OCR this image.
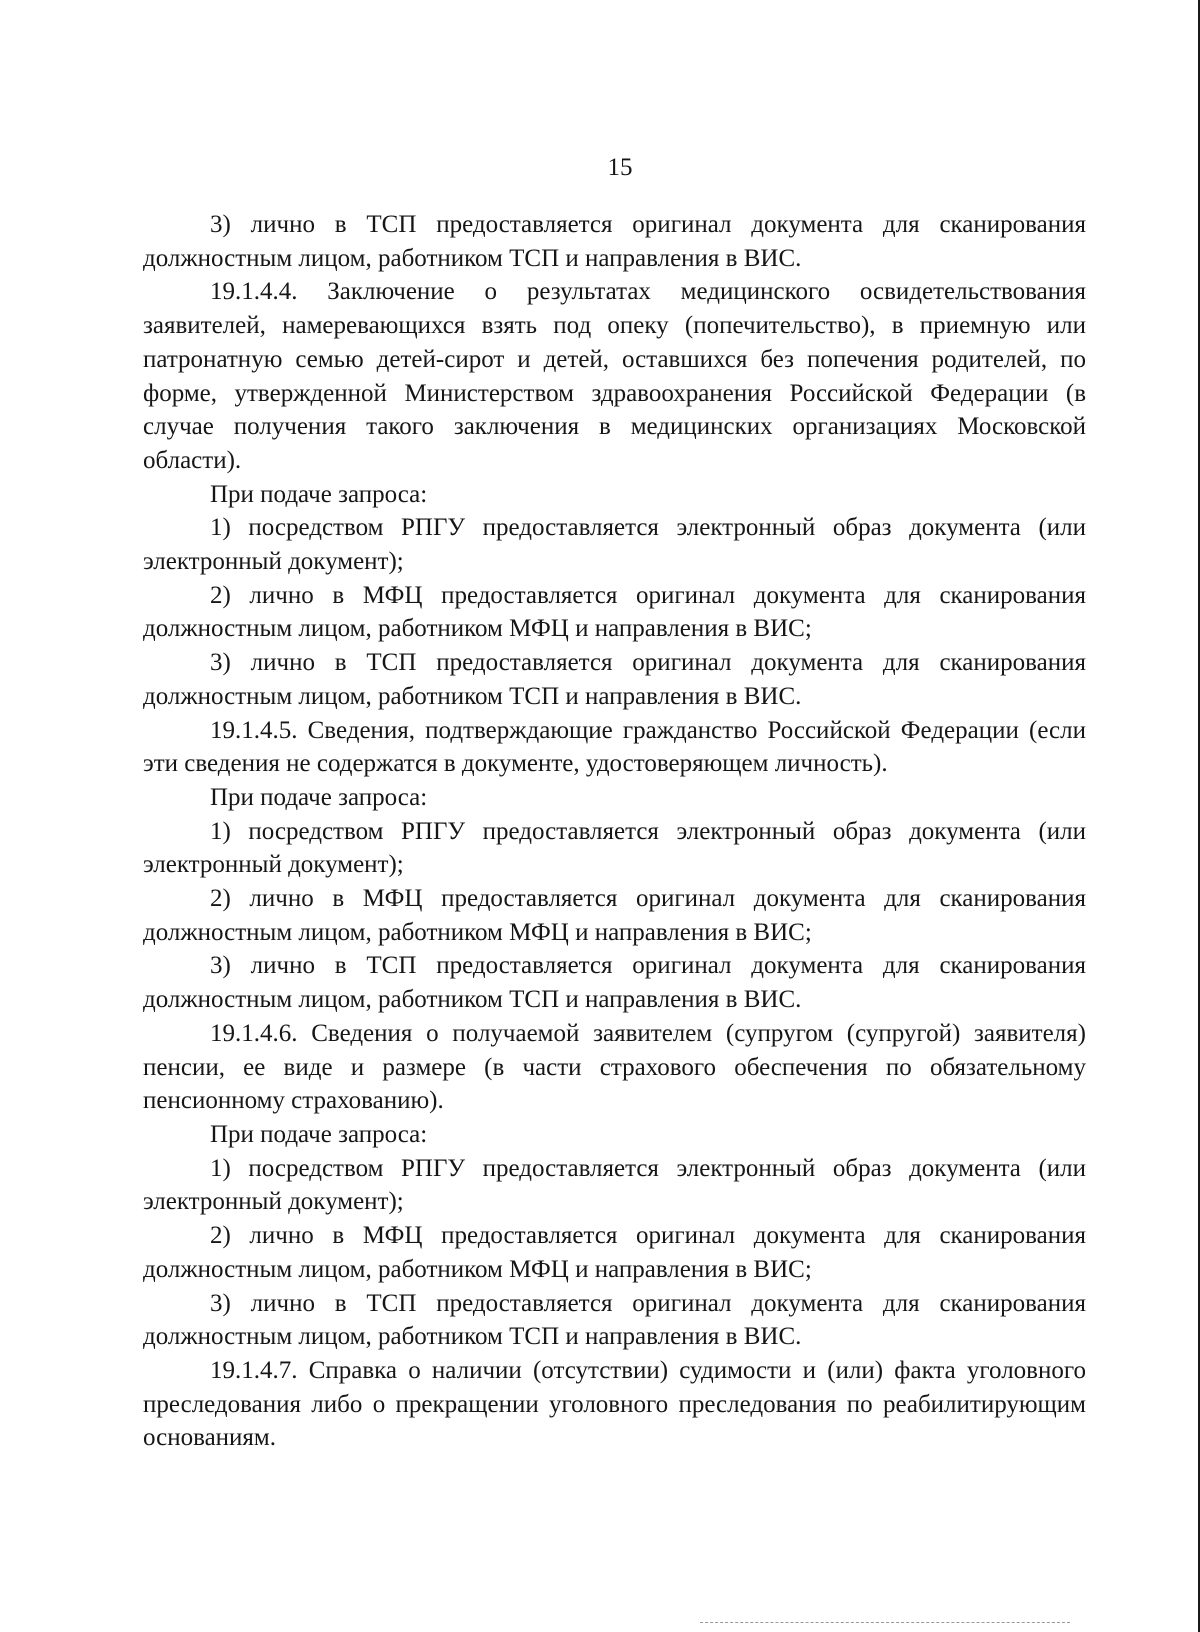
15

3) лично в ТСП предоставляется оригинал документа для сканирования должностным лицом, работником ТСП и направления в ВИС.

19.1.4.4. Заключение о результатах медицинского освидетельствования заявителей, намеревающихся взять под опеку (попечительство), в приемную или патронатную семью детей-сирот и детей, оставшихся без попечения родителей, по форме, утвержденной Министерством здравоохранения Российской Федерации (в случае получения такого заключения в медицинских организациях Московской области).

При подаче запроса:

1) посредством РПГУ предоставляется электронный образ документа (или электронный документ);

2) лично в МФЦ предоставляется оригинал документа для сканирования должностным лицом, работником МФЦ и направления в ВИС;

3) лично в ТСП предоставляется оригинал документа для сканирования должностным лицом, работником ТСП и направления в ВИС.

19.1.4.5. Сведения, подтверждающие гражданство Российской Федерации (если эти сведения не содержатся в документе, удостоверяющем личность).

При подаче запроса:

1) посредством РПГУ предоставляется электронный образ документа (или электронный документ);

2) лично в МФЦ предоставляется оригинал документа для сканирования должностным лицом, работником МФЦ и направления в ВИС;

3) лично в ТСП предоставляется оригинал документа для сканирования должностным лицом, работником ТСП и направления в ВИС.

19.1.4.6. Сведения о получаемой заявителем (супругом (супругой) заявителя) пенсии, ее виде и размере (в части страхового обеспечения по обязательному пенсионному страхованию).

При подаче запроса:

1) посредством РПГУ предоставляется электронный образ документа (или электронный документ);

2) лично в МФЦ предоставляется оригинал документа для сканирования должностным лицом, работником МФЦ и направления в ВИС;

3) лично в ТСП предоставляется оригинал документа для сканирования должностным лицом, работником ТСП и направления в ВИС.

19.1.4.7. Справка о наличии (отсутствии) судимости и (или) факта уголовного преследования либо о прекращении уголовного преследования по реабилитирующим основаниям.
